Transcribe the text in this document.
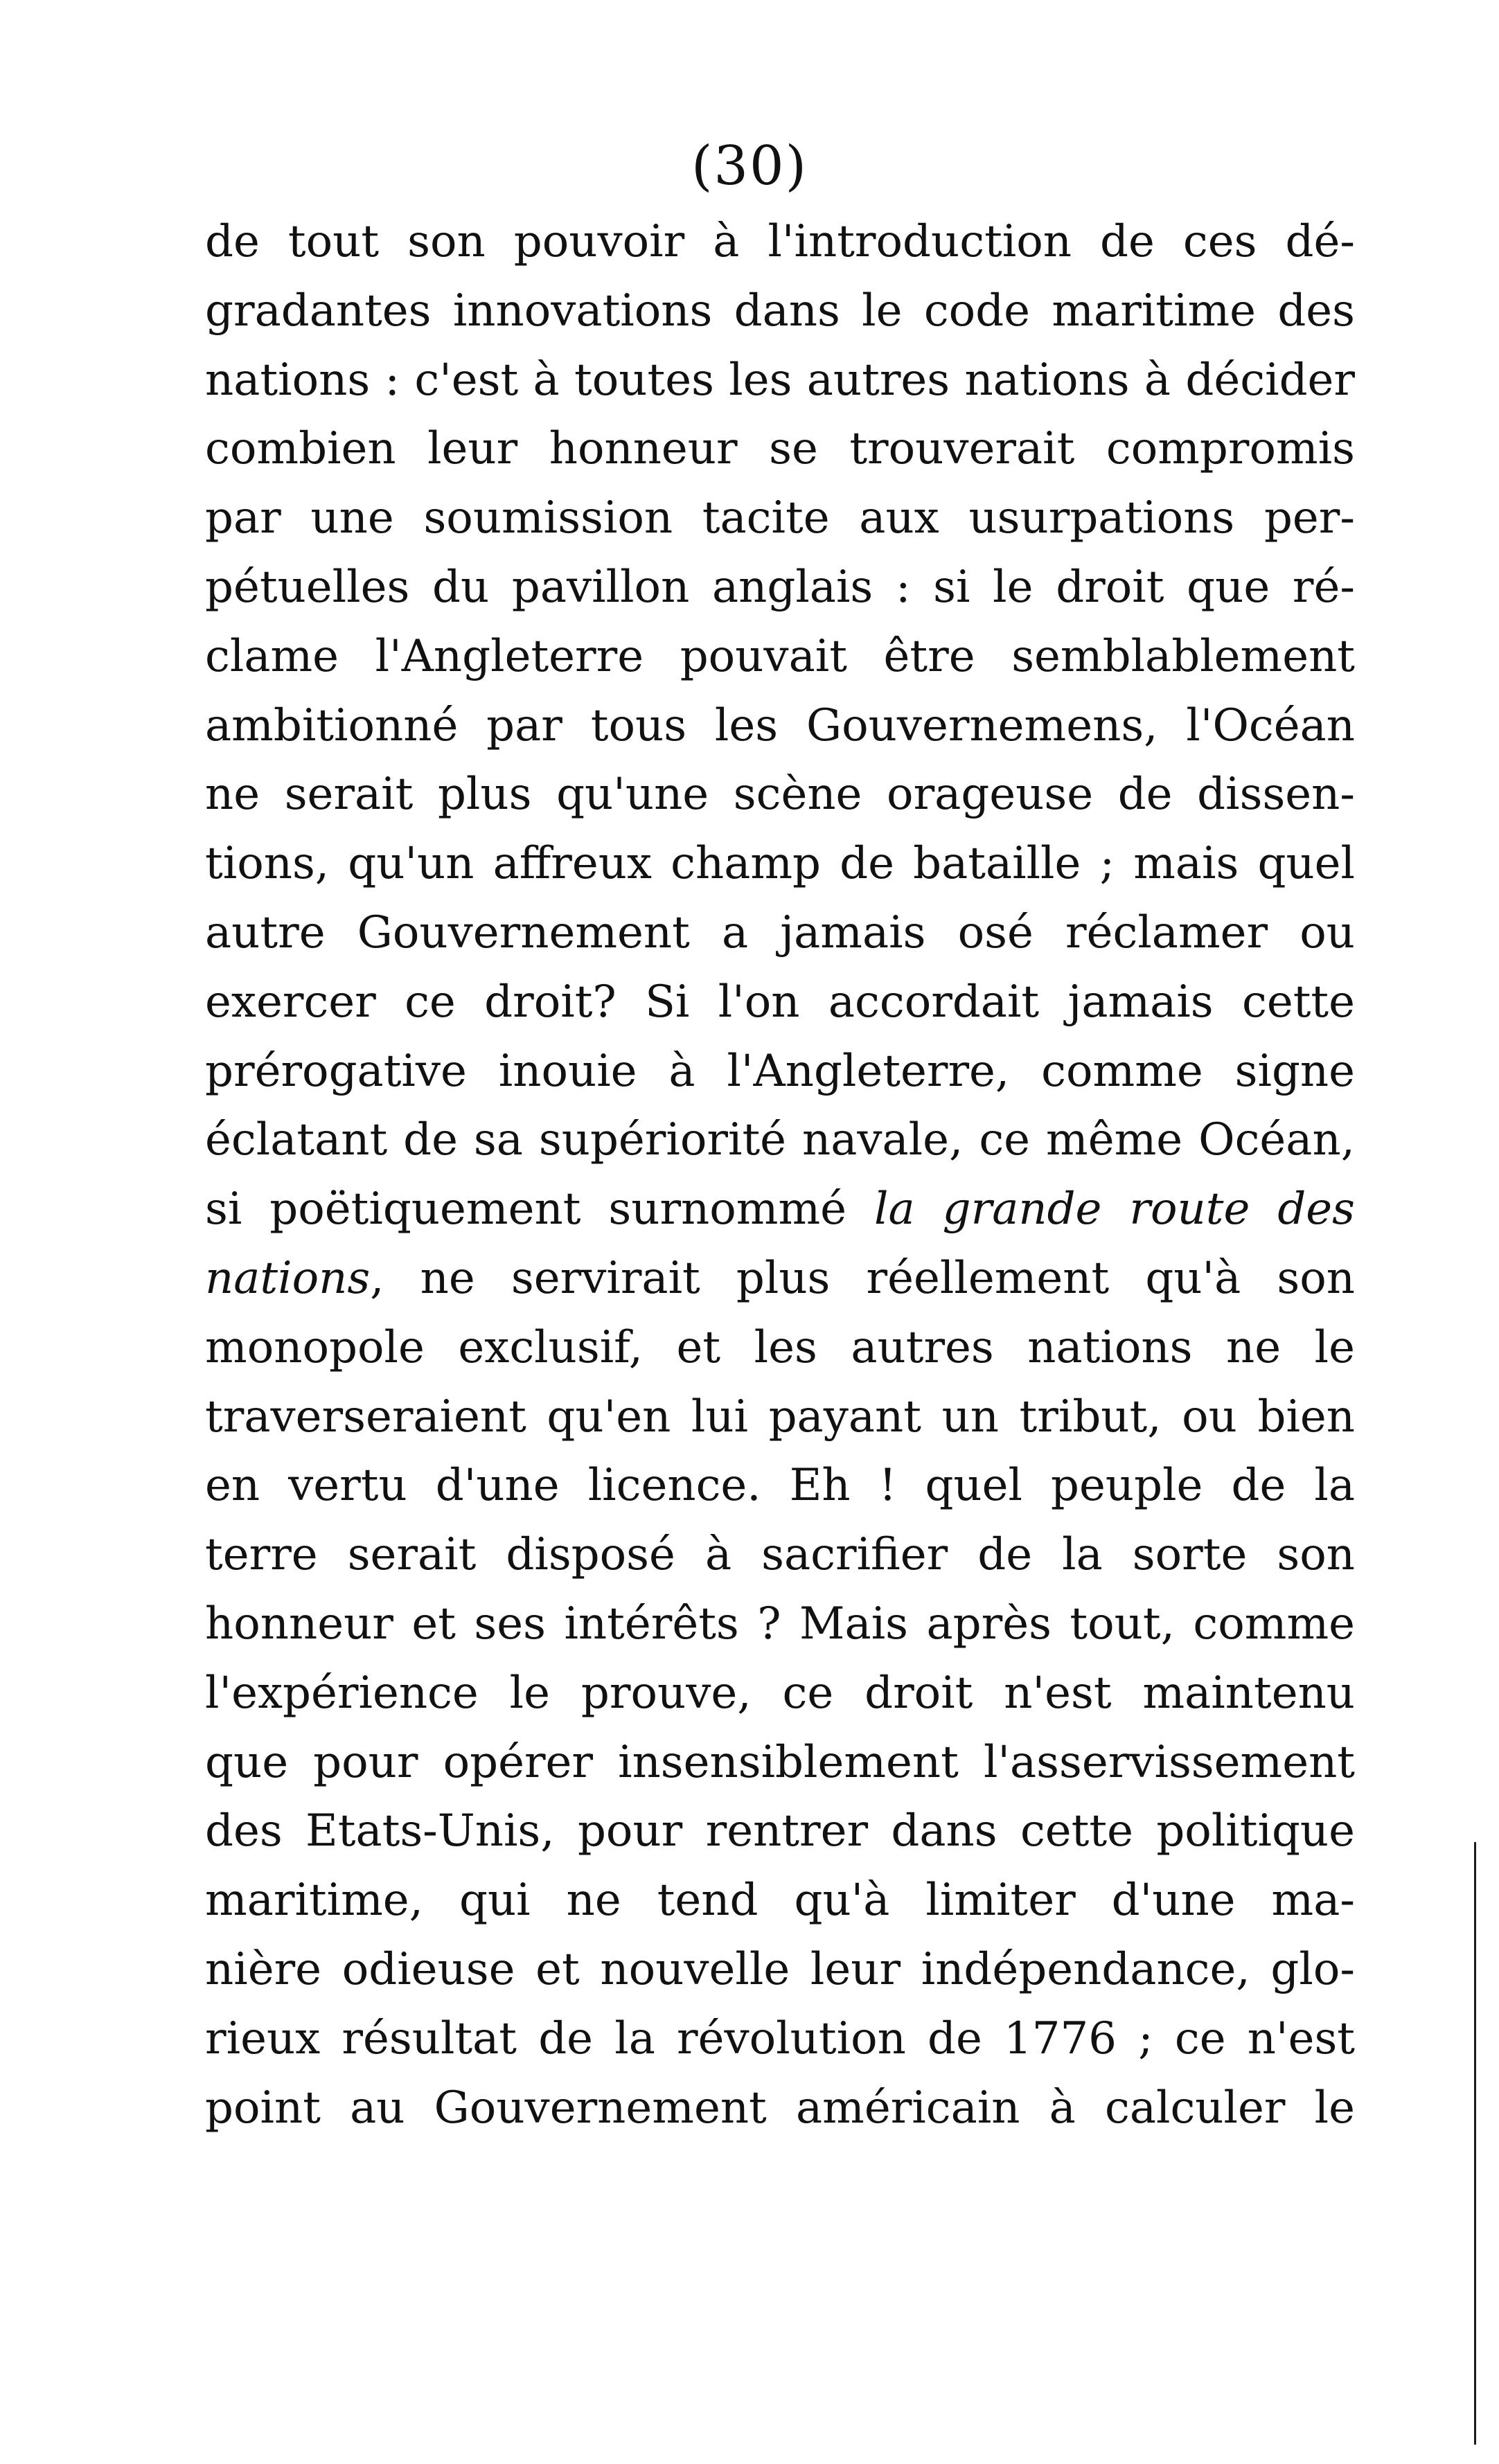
(30)
de tout son pouvoir à l'introduction de ces dé-
gradantes innovations dans le code maritime des
nations : c'est à toutes les autres nations à décider
combien leur honneur se trouverait compromis
par une soumission tacite aux usurpations per-
pétuelles du pavillon anglais : si le droit que ré-
clame l'Angleterre pouvait être semblablement
ambitionné par tous les Gouvernemens, l'Océan
ne serait plus qu'une scène orageuse de dissen-
tions, qu'un affreux champ de bataille ; mais quel
autre Gouvernement a jamais osé réclamer ou
exercer ce droit? Si l'on accordait jamais cette
prérogative inouie à l'Angleterre, comme signe
éclatant de sa supériorité navale, ce même Océan,
si poëtiquement surnommé la grande route des
nations, ne servirait plus réellement qu'à son
monopole exclusif, et les autres nations ne le
traverseraient qu'en lui payant un tribut, ou bien
en vertu d'une licence. Eh ! quel peuple de la
terre serait disposé à sacrifier de la sorte son
honneur et ses intérêts ? Mais après tout, comme
l'expérience le prouve, ce droit n'est maintenu
que pour opérer insensiblement l'asservissement
des Etats-Unis, pour rentrer dans cette politique
maritime, qui ne tend qu'à limiter d'une ma-
nière odieuse et nouvelle leur indépendance, glo-
rieux résultat de la révolution de 1776 ; ce n'est
point au Gouvernement américain à calculer le
